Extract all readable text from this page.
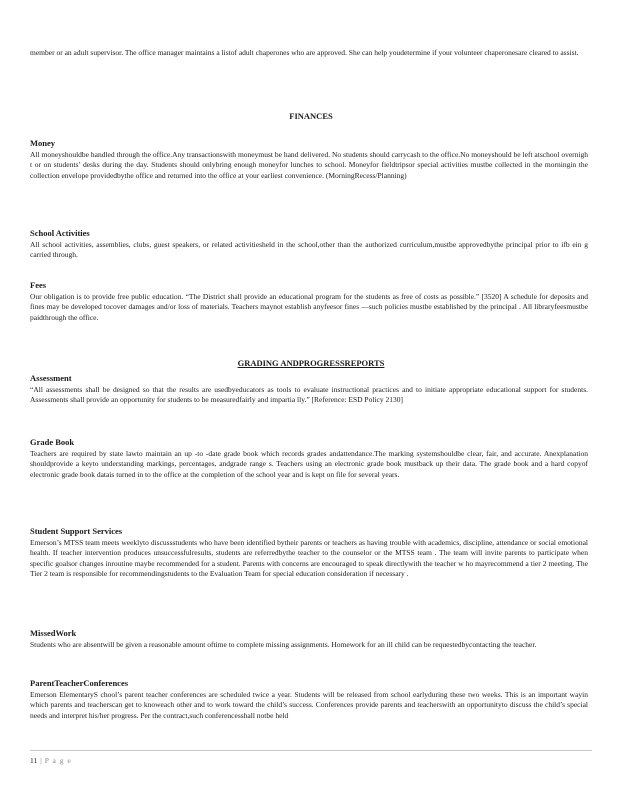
member or an adult supervisor. The office manager maintains a listof adult chaperones who are approved. She can help youdetermine if your volunteer chaperonesare cleared to assist.

FINANCES
Money

All moneyshouldbe handled through the office.Any transactionswith moneymust be hand delivered. No students should carrycash to the office.No moneyshould be left atschool overnigh t or on students’ desks during the day. Students should onlybring enough moneyfor lunches to school. Moneyfor fieldtripsor special activities mustbe collected in the morningin the collection envelope providedbythe office and returned into the office at your earliest convenience. (MorningRecess/Planning)

School Activities

All school activities, assemblies, clubs, guest speakers, or related activitiesheld in the school,other than the authorized curriculum,mustbe approvedbythe principal prior to ifb ein g carried through.

Fees

Our obligation is to provide free public education. “The District shall provide an educational program for the students as free of costs as possible.” [3520] A schedule for deposits and fines may be developed tocover damages and/or loss of materials. Teachers maynot establish anyfeesor fines —such policies mustbe established by the principal . All libraryfeesmustbe paidthrough the office.

GRADING ANDPROGRESSREPORTS
Assessment

“All assessments shall be designed so that the results are usedbyeducators as tools to evaluate instructional practices and to initiate appropriate educational support for students. Assessments shall provide an opportunity for students to be measuredfairly and impartia lly.” [Reference: ESD Policy 2130]

Grade Book

Teachers are required by state lawto maintain an up -to -date grade book which records grades andattendance.The marking systemshouldbe clear, fair, and accurate. Anexplanation shouldprovide a keyto understanding markings, percentages, andgrade range s. Teachers using an electronic grade book mustback up their data. The grade book and a hard copyof electronic grade book datais turned in to the office at the completion of the school year and is kept on file for several years.

Student Support Services

Emerson’s MTSS team meets weeklyto discussstudents who have been identified bytheir parents or teachers as having trouble with academics, discipline, attendance or social emotional health. If teacher intervention produces unsuccessfulresults, students are referredbythe teacher to the counselor or the MTSS team . The team will invite parents to participate when specific goalsor changes inroutine maybe recommended for a student. Parents with concerns are encouraged to speak directlywith the teacher w ho mayrecommend a tier 2 meeting. The Tier 2 team is responsible for recommendingstudents to the Evaluation Team for special education consideration if necessary .

MissedWork

Students who are absentwill be given a reasonable amount oftime to complete missing assignments. Homework for an ill child can be requestedbycontacting the teacher.

ParentTeacherConferences

Emerson ElementaryS chool’s parent teacher conferences are scheduled twice a year. Students will be released from school earlyduring these two weeks. This is an important wayin which parents and teacherscan get to knoweach other and to work toward the child’s success. Conferences provide parents and teacherswith an opportunityto discuss the child’s special needs and interpret his/her progress. Per the contract,such conferencesshall notbe held

11 | P a g e
